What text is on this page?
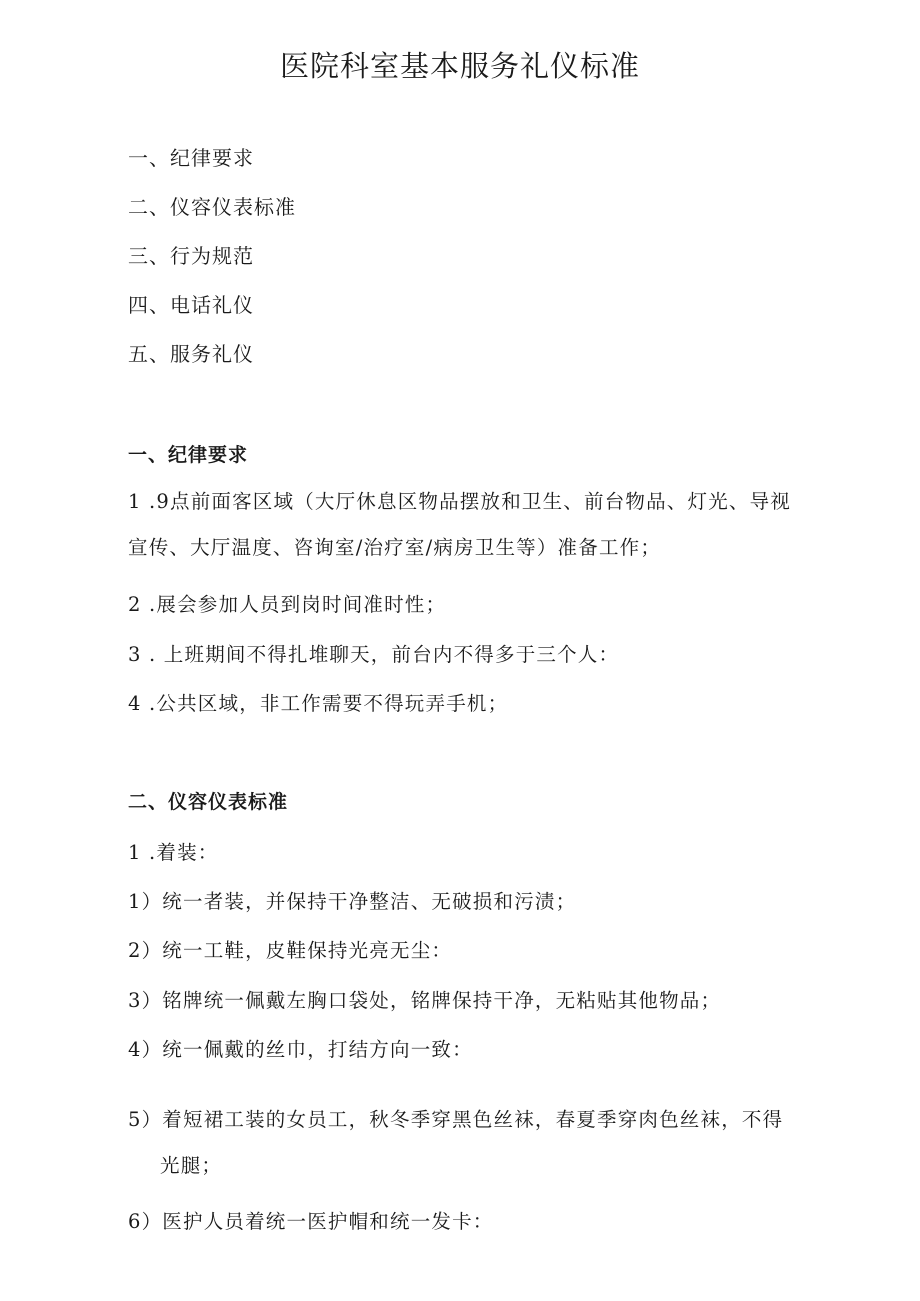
医院科室基本服务礼仪标准
一、纪律要求
二、仪容仪表标准
三、行为规范
四、电话礼仪
五、服务礼仪
一、纪律要求

1 .9点前面客区域（大厅休息区物品摆放和卫生、前台物品、灯光、导视宣传、大厅温度、咨询室/治疗室/病房卫生等）准备工作；

2 .展会参加人员到岗时间准时性；

3 . 上班期间不得扎堆聊天，前台内不得多于三个人：

4 .公共区域，非工作需要不得玩弄手机；

二、仪容仪表标准

1 .着装：

1）统一者装，并保持干净整洁、无破损和污渍；

2）统一工鞋，皮鞋保持光亮无尘：

3）铭牌统一佩戴左胸口袋处，铭牌保持干净，无粘贴其他物品；

4）统一佩戴的丝巾，打结方向一致：

5）着短裙工装的女员工，秋冬季穿黑色丝袜，春夏季穿肉色丝袜，不得光腿；

6）医护人员着统一医护帽和统一发卡：
